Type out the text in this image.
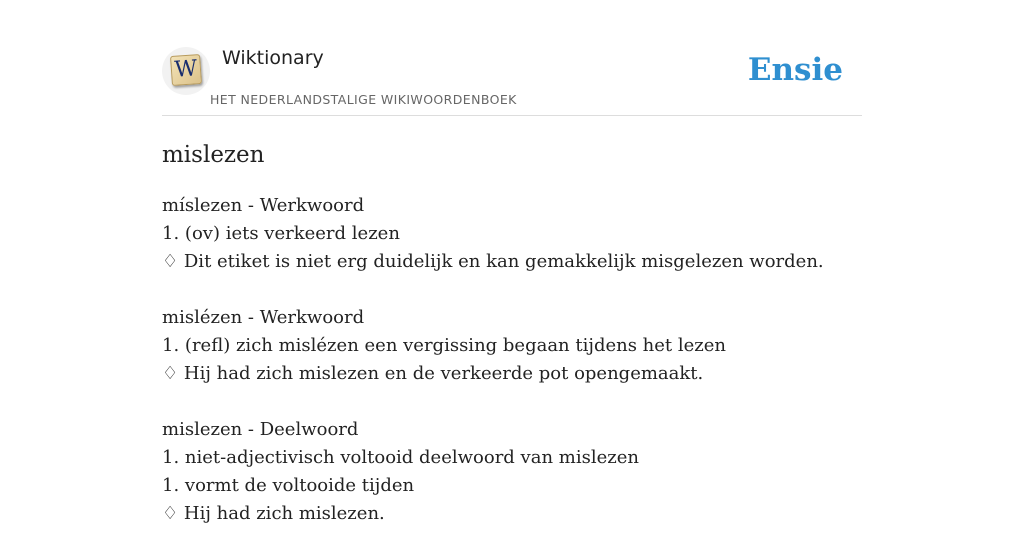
W Wiktionary
HET NEDERLANDSTALIGE WIKIWOORDENBOEK
Ensie
mislezen
míslezen - Werkwoord
1. (ov) iets verkeerd lezen
♢ Dit etiket is niet erg duidelijk en kan gemakkelijk misgelezen worden.
mislézen - Werkwoord
1. (refl) zich mislézen een vergissing begaan tijdens het lezen
♢ Hij had zich mislezen en de verkeerde pot opengemaakt.
mislezen - Deelwoord
1. niet-adjectivisch voltooid deelwoord van mislezen
1. vormt de voltooide tijden
♢ Hij had zich mislezen.
